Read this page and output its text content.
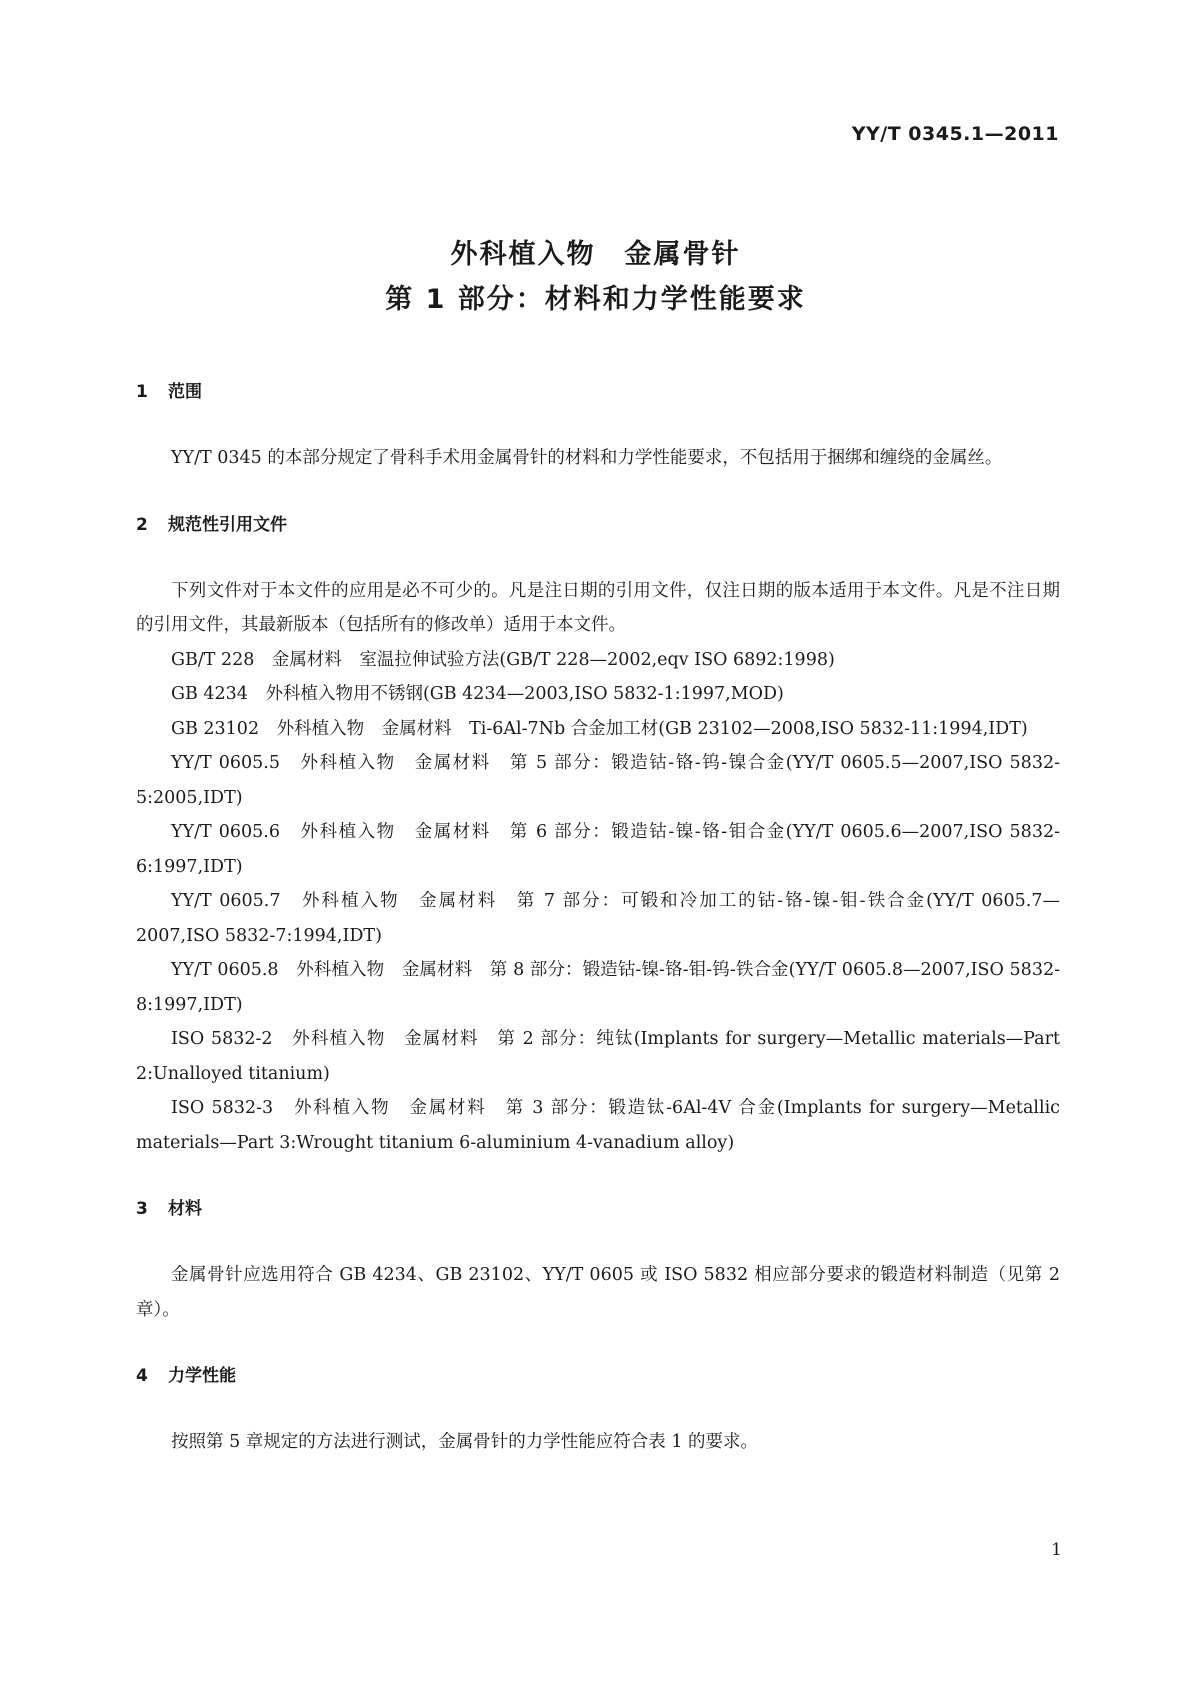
YY/T 0345.1—2011
外科植入物　金属骨针
第 1 部分：材料和力学性能要求
1 范围

YY/T 0345 的本部分规定了骨科手术用金属骨针的材料和力学性能要求，不包括用于捆绑和缠绕的金属丝。

2 规范性引用文件

下列文件对于本文件的应用是必不可少的。凡是注日期的引用文件，仅注日期的版本适用于本文件。凡是不注日期的引用文件，其最新版本（包括所有的修改单）适用于本文件。

GB/T 228　金属材料　室温拉伸试验方法(GB/T 228—2002,eqv ISO 6892:1998)

GB 4234　外科植入物用不锈钢(GB 4234—2003,ISO 5832-1:1997,MOD)

GB 23102　外科植入物　金属材料　Ti-6Al-7Nb 合金加工材(GB 23102—2008,ISO 5832-11:1994,IDT)

YY/T 0605.5　外科植入物　金属材料　第 5 部分：锻造钴-铬-钨-镍合金(YY/T 0605.5—2007,ISO 5832-5:2005,IDT)

YY/T 0605.6　外科植入物　金属材料　第 6 部分：锻造钴-镍-铬-钼合金(YY/T 0605.6—2007,ISO 5832-6:1997,IDT)

YY/T 0605.7　外科植入物　金属材料　第 7 部分：可锻和冷加工的钴-铬-镍-钼-铁合金(YY/T 0605.7—2007,ISO 5832-7:1994,IDT)

YY/T 0605.8　外科植入物　金属材料　第 8 部分：锻造钴-镍-铬-钼-钨-铁合金(YY/T 0605.8—2007,ISO 5832-8:1997,IDT)

ISO 5832-2　外科植入物　金属材料　第 2 部分：纯钛(Implants for surgery—Metallic materials—Part 2:Unalloyed titanium)

ISO 5832-3　外科植入物　金属材料　第 3 部分：锻造钛-6Al-4V 合金(Implants for surgery—Metallic materials—Part 3:Wrought titanium 6-aluminium 4-vanadium alloy)

3 材料

金属骨针应选用符合 GB 4234、GB 23102、YY/T 0605 或 ISO 5832 相应部分要求的锻造材料制造（见第 2 章）。

4 力学性能

按照第 5 章规定的方法进行测试，金属骨针的力学性能应符合表 1 的要求。

1
